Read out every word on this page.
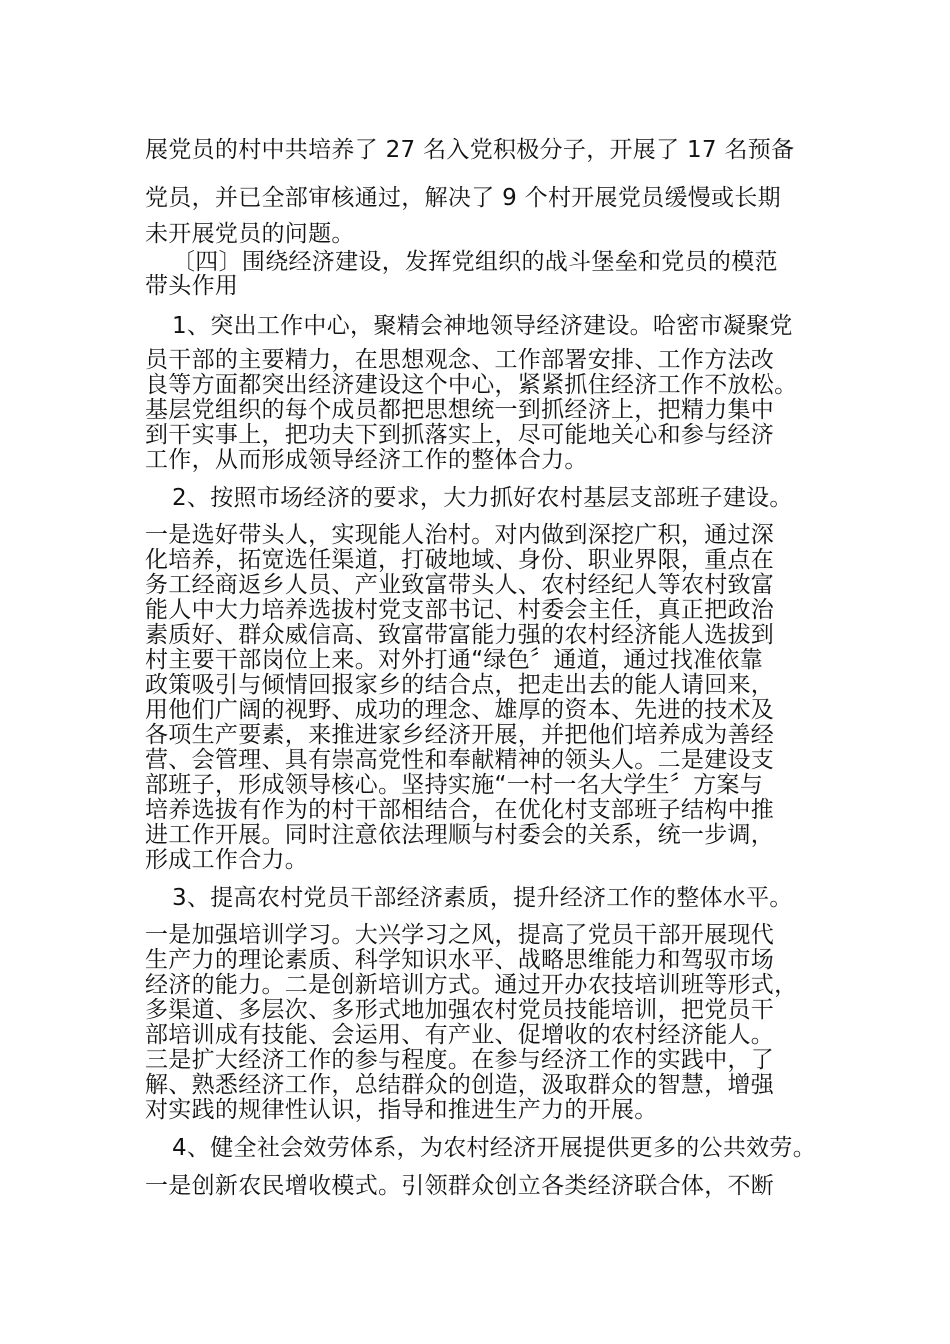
展党员的村中共培养了 27 名入党积极分子，开展了 17 名预备

党员，并已全部审核通过，解决了 9 个村开展党员缓慢或长期

未开展党员的问题。

〔四〕围绕经济建设，发挥党组织的战斗堡垒和党员的模范

带头作用

1、突出工作中心，聚精会神地领导经济建设。哈密市凝聚党

员干部的主要精力，在思想观念、工作部署安排、工作方法改

良等方面都突出经济建设这个中心，紧紧抓住经济工作不放松。

基层党组织的每个成员都把思想统一到抓经济上，把精力集中

到干实事上，把功夫下到抓落实上，尽可能地关心和参与经济

工作，从而形成领导经济工作的整体合力。

2、按照市场经济的要求，大力抓好农村基层支部班子建设。

一是选好带头人，实现能人治村。对内做到深挖广积，通过深

化培养，拓宽选任渠道，打破地域、身份、职业界限，重点在

务工经商返乡人员、产业致富带头人、农村经纪人等农村致富

能人中大力培养选拔村党支部书记、村委会主任，真正把政治

素质好、群众威信高、致富带富能力强的农村经济能人选拔到

村主要干部岗位上来。对外打通“绿色〞通道，通过找准依靠

政策吸引与倾情回报家乡的结合点，把走出去的能人请回来，

用他们广阔的视野、成功的理念、雄厚的资本、先进的技术及

各项生产要素，来推进家乡经济开展，并把他们培养成为善经

营、会管理、具有崇高党性和奉献精神的领头人。二是建设支

部班子，形成领导核心。坚持实施“一村一名大学生〞方案与

培养选拔有作为的村干部相结合，在优化村支部班子结构中推

进工作开展。同时注意依法理顺与村委会的关系，统一步调，

形成工作合力。

3、提高农村党员干部经济素质，提升经济工作的整体水平。

一是加强培训学习。大兴学习之风，提高了党员干部开展现代

生产力的理论素质、科学知识水平、战略思维能力和驾驭市场

经济的能力。二是创新培训方式。通过开办农技培训班等形式，

多渠道、多层次、多形式地加强农村党员技能培训，把党员干

部培训成有技能、会运用、有产业、促增收的农村经济能人。

三是扩大经济工作的参与程度。在参与经济工作的实践中，了

解、熟悉经济工作，总结群众的创造，汲取群众的智慧，增强

对实践的规律性认识，指导和推进生产力的开展。

4、健全社会效劳体系，为农村经济开展提供更多的公共效劳。

一是创新农民增收模式。引领群众创立各类经济联合体，不断
